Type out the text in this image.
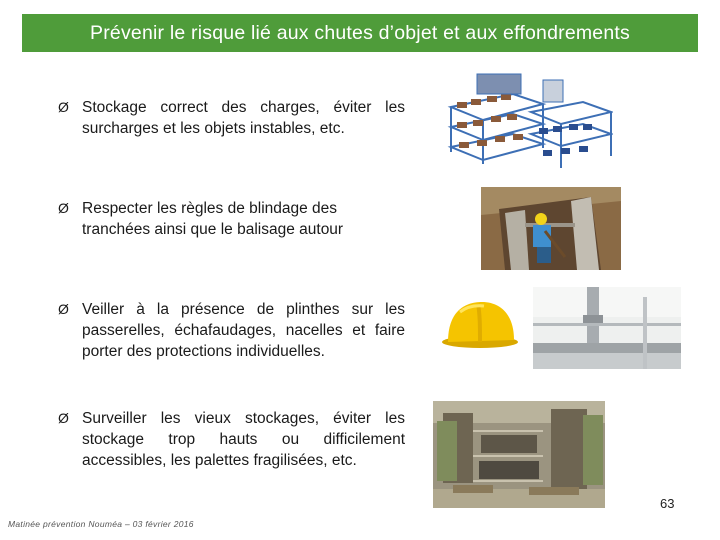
Prévenir le risque lié aux chutes d’objet et aux effondrements
Ø Stockage correct des charges, éviter les surcharges et les objets instables, etc.
Ø Respecter les règles de blindage des tranchées ainsi que le balisage autour
Ø Veiller à la présence de plinthes sur les passerelles, échafaudages, nacelles et faire porter des protections individuelles.
Ø Surveiller les vieux stockages, éviter les stockage trop hauts ou difficilement accessibles, les palettes fragilisées, etc.
63
Matinée prévention Nouméa – 03 février 2016
